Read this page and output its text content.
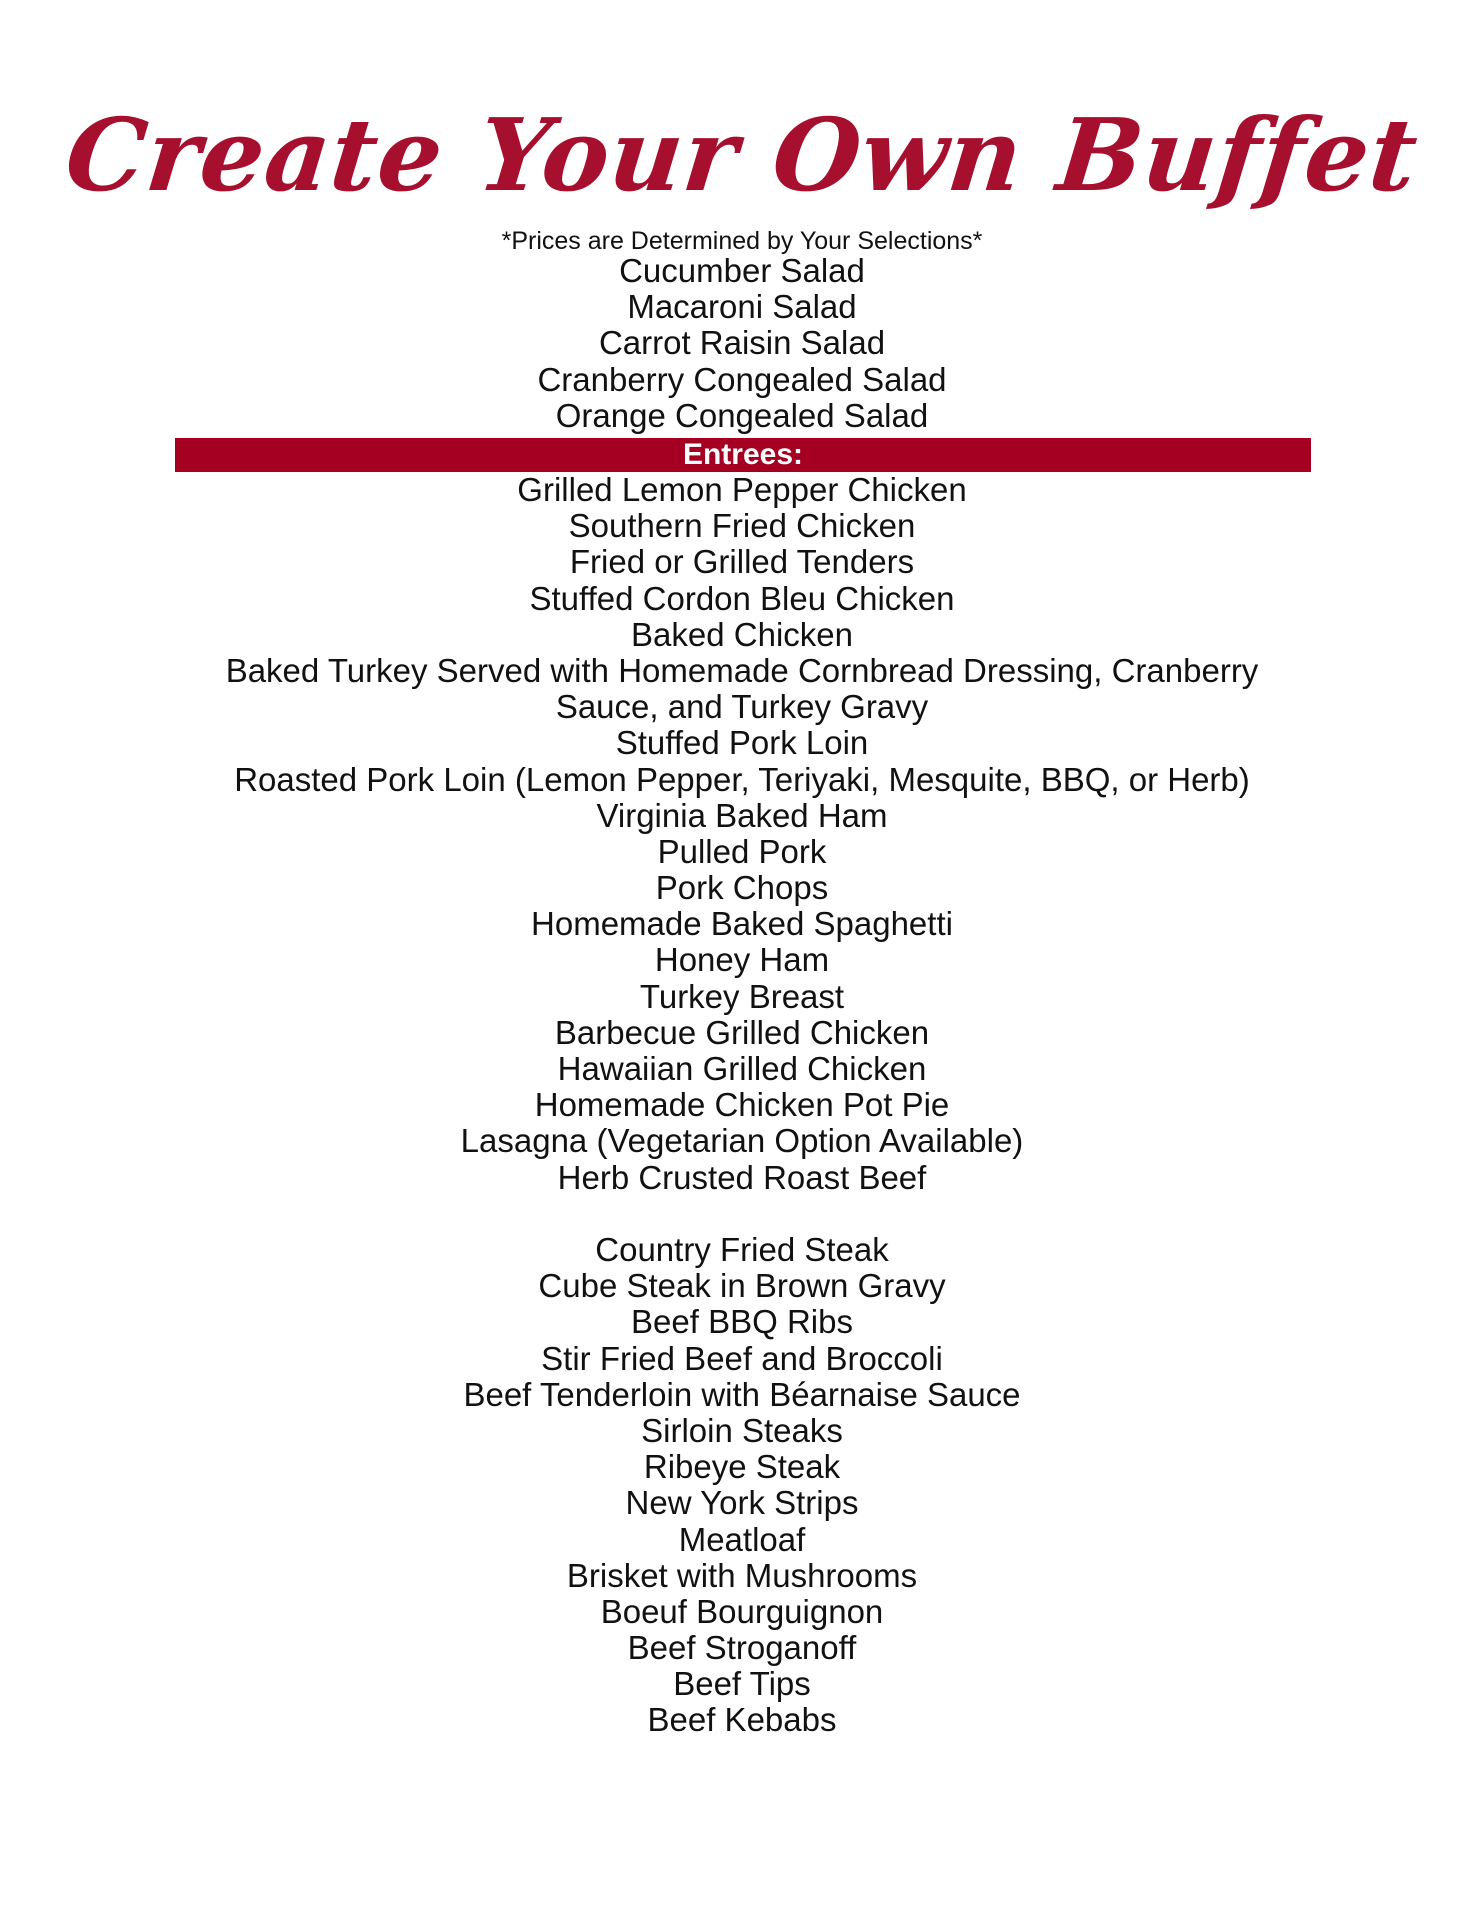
Create Your Own Buffet
*Prices are Determined by Your Selections*
Cucumber Salad
Macaroni Salad
Carrot Raisin Salad
Cranberry Congealed Salad
Orange Congealed Salad
Entrees:
Grilled Lemon Pepper Chicken
Southern Fried Chicken
Fried or Grilled Tenders
Stuffed Cordon Bleu Chicken
Baked Chicken
Baked Turkey Served with Homemade Cornbread Dressing, Cranberry
Sauce, and Turkey Gravy
Stuffed Pork Loin
Roasted Pork Loin (Lemon Pepper, Teriyaki, Mesquite, BBQ, or Herb)
Virginia Baked Ham
Pulled Pork
Pork Chops
Homemade Baked Spaghetti
Honey Ham
Turkey Breast
Barbecue Grilled Chicken
Hawaiian Grilled Chicken
Homemade Chicken Pot Pie
Lasagna (Vegetarian Option Available)
Herb Crusted Roast Beef
Country Fried Steak
Cube Steak in Brown Gravy
Beef BBQ Ribs
Stir Fried Beef and Broccoli
Beef Tenderloin with Béarnaise Sauce
Sirloin Steaks
Ribeye Steak
New York Strips
Meatloaf
Brisket with Mushrooms
Boeuf Bourguignon
Beef Stroganoff
Beef Tips
Beef Kebabs
